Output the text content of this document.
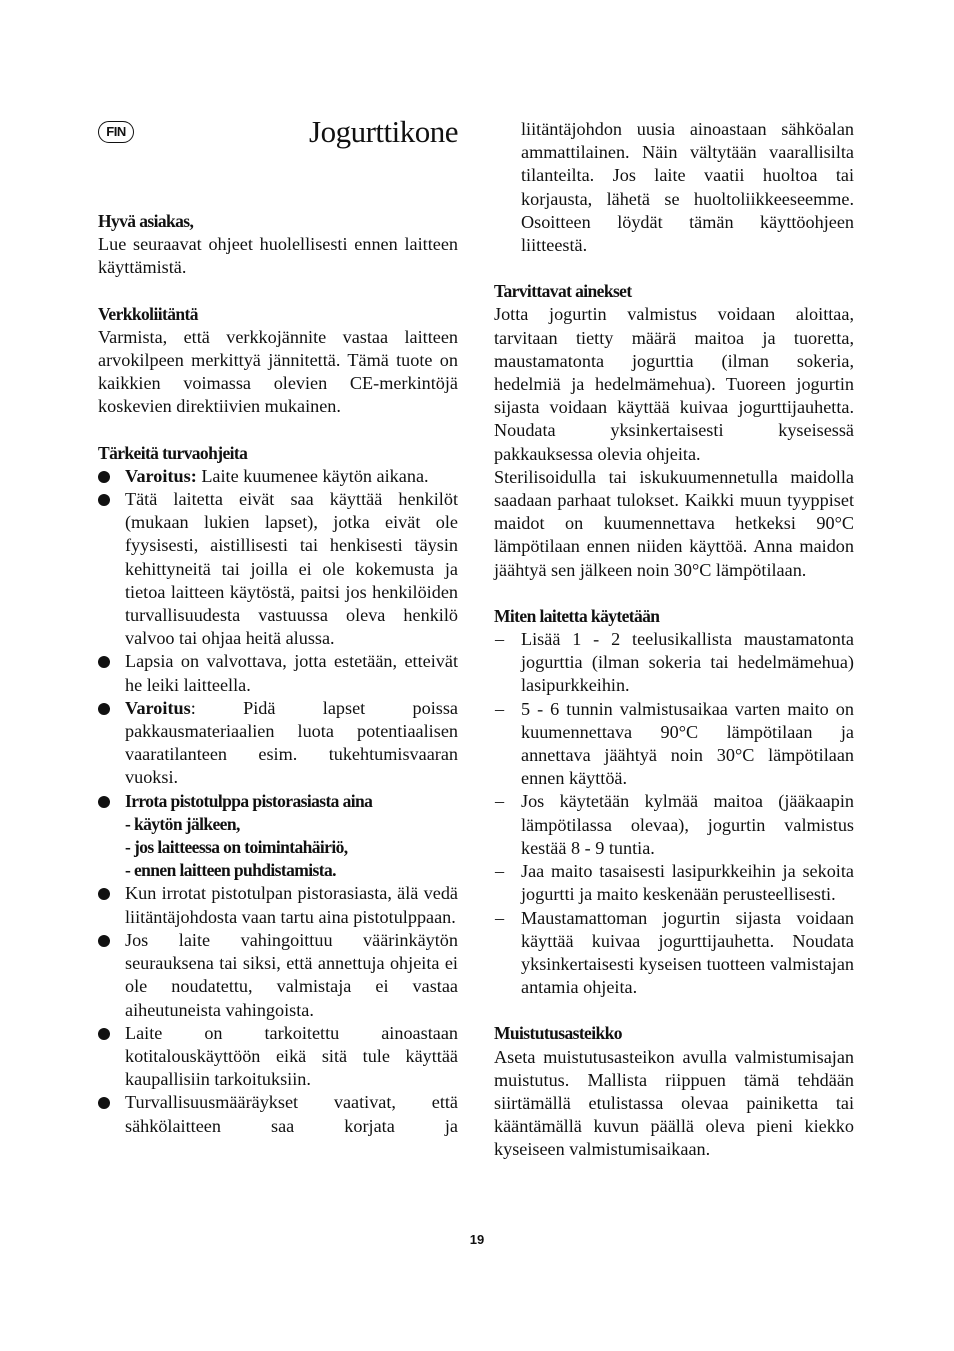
FIN	Jogurttikone
Hyvä asiakas,

Lue seuraavat ohjeet huolellisesti ennen laitteen käyttämistä.

Verkkoliitäntä

Varmista, että verkkojännite vastaa laitteen arvokilpeen merkittyä jännitettä. Tämä tuote on kaikkien voimassa olevien CE-merkintöjä koskevien direktiivien mukainen.

Tärkeitä turvaohjeita
Varoitus: Laite kuumenee käytön aikana.
Tätä laitetta eivät saa käyttää henkilöt (mukaan lukien lapset), jotka eivät ole fyysisesti, aistillisesti tai henkisesti täysin kehittyneitä tai joilla ei ole kokemusta ja tietoa laitteen käytöstä, paitsi jos henkilöiden turvallisuudesta vastuussa oleva henkilö valvoo tai ohjaa heitä alussa.
Lapsia on valvottava, jotta estetään, etteivät he leiki laitteella.
Varoitus: Pidä lapset poissa pakkausmateriaalien luota potentiaalisen vaaratilanteen esim. tukehtumisvaaran vuoksi.
Irrota pistotulppa pistorasiasta aina
- käytön jälkeen,
- jos laitteessa on toimintahäiriö,
- ennen laitteen puhdistamista.
Kun irrotat pistotulpan pistorasiasta, älä vedä liitäntäjohdosta vaan tartu aina pistotulppaan.
Jos laite vahingoittuu väärinkäytön seurauksena tai siksi, että annettuja ohjeita ei ole noudatettu, valmistaja ei vastaa aiheutuneista vahingoista.
Laite on tarkoitettu ainoastaan kotitalouskäyttöön eikä sitä tule käyttää kaupallisiin tarkoituksiin.
Turvallisuusmääräykset vaativat, että sähkölaitteen saa korjata ja

liitäntäjohdon uusia ainoastaan sähköalan ammattilainen. Näin vältytään vaarallisilta tilanteilta. Jos laite vaatii huoltoa tai korjausta, lähetä se huoltoliikkeeseemme. Osoitteen löydät tämän käyttöohjeen liitteestä.

Tarvittavat ainekset

Jotta jogurtin valmistus voidaan aloittaa, tarvitaan tietty määrä maitoa ja tuoretta, maustamatonta jogurttia (ilman sokeria, hedelmiä ja hedelmämehua). Tuoreen jogurtin sijasta voidaan käyttää kuivaa jogurttijauhetta. Noudata yksinkertaisesti kyseisessä pakkauksessa olevia ohjeita.

Sterilisoidulla tai iskukuumennetulla maidolla saadaan parhaat tulokset. Kaikki muun tyyppiset maidot on kuumennettava hetkeksi 90°C lämpötilaan ennen niiden käyttöä. Anna maidon jäähtyä sen jälkeen noin 30°C lämpötilaan.

Miten laitetta käytetään
– Lisää 1 - 2 teelusikallista maustamatonta jogurttia (ilman sokeria tai hedelmämehua) lasipurkkeihin.
– 5 - 6 tunnin valmistusaikaa varten maito on kuumennettava 90°C lämpötilaan ja annettava jäähtyä noin 30°C lämpötilaan ennen käyttöä.
– Jos käytetään kylmää maitoa (jääkaapin lämpötilassa olevaa), jogurtin valmistus kestää 8 - 9 tuntia.
– Jaa maito tasaisesti lasipurkkeihin ja sekoita jogurtti ja maito keskenään perusteellisesti.
– Maustamattoman jogurtin sijasta voidaan käyttää kuivaa jogurttijauhetta. Noudata yksinkertaisesti kyseisen tuotteen valmistajan antamia ohjeita.
Muistutusasteikko

Aseta muistutusasteikon avulla valmistumisajan muistutus. Mallista riippuen tämä tehdään siirtämällä etulistassa olevaa painiketta tai kääntämällä kuvun päällä oleva pieni kiekko kyseiseen valmistumisaikaan.

19
